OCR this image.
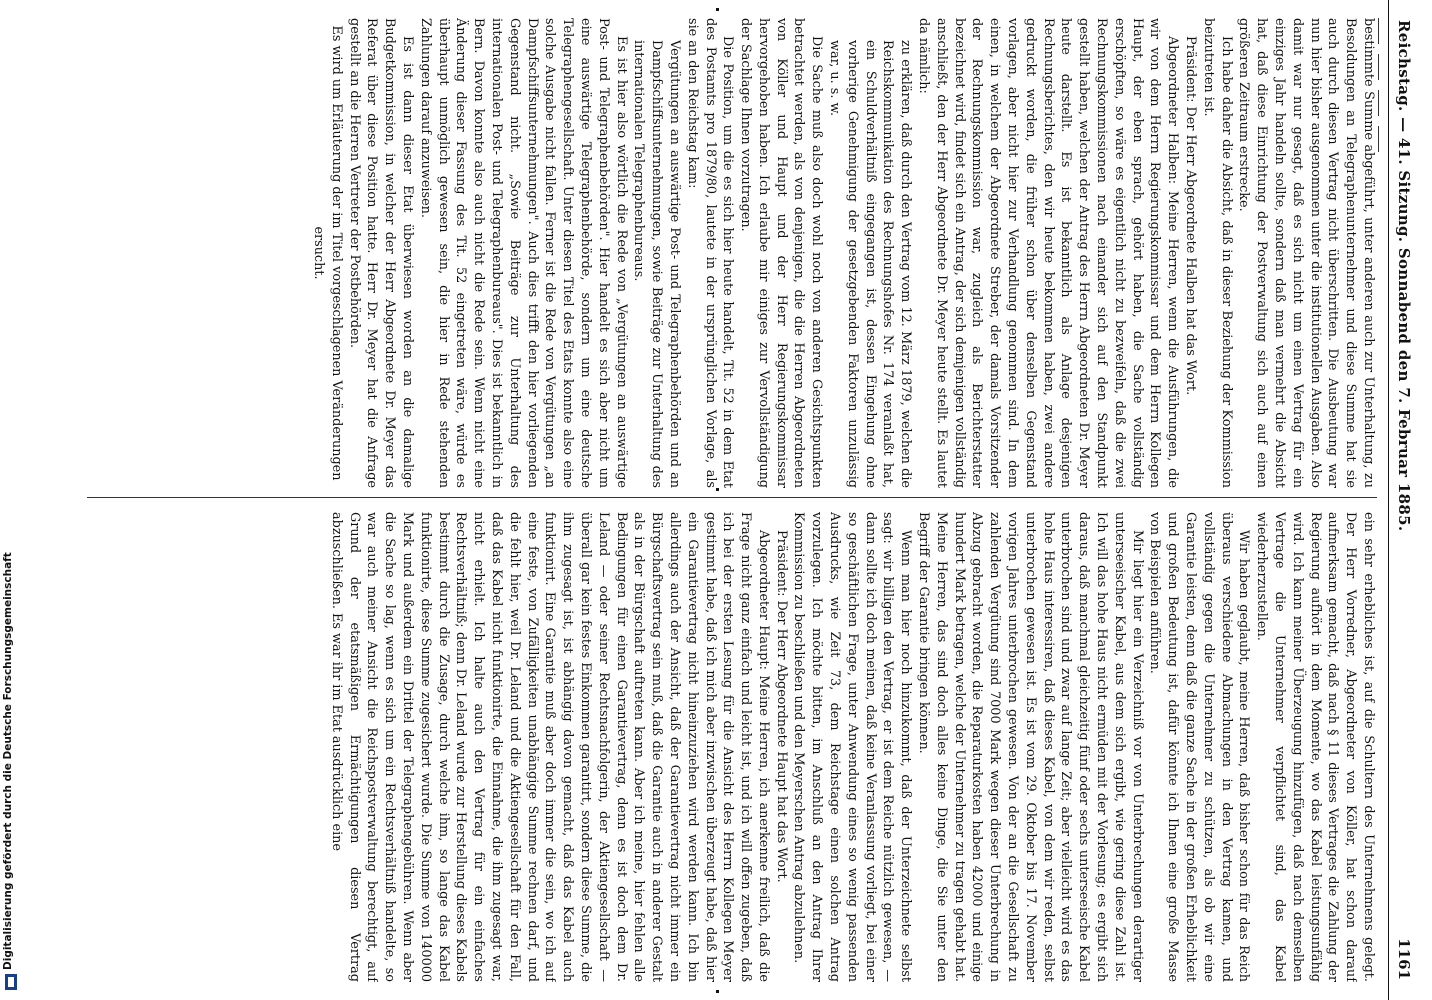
Reichstag. — 41. Sitzung. Sonnabend den 7. Februar 1885.
1161

bestimmte Summe abgeführt, unter anderen auch zur Unterhaltung, zu Besoldungen an Telegraphenunternehmer und diese Summe hat sie auch durch diesen Vertrag nicht überschritten. Die Ausbeutung war nun hier bisher ausgenommen unter die institutionellen Ausgaben. Also damit war nur gesagt, daß es sich nicht um einen Vertrag für ein einziges Jahr handeln sollte, sondern daß man vermehrt die Absicht hat, daß diese Einrichtung der Postverwaltung sich auch auf einen größeren Zeitraum erstrecke.

Ich habe daher die Absicht, daß in dieser Beziehung der Kommission beizutreten ist.

Präsident: Der Herr Abgeordnete Halben hat das Wort.

Abgeordneter Halben: Meine Herren, wenn die Ausführungen, die wir von dem Herrn Regierungskommissar und dem Herrn Kollegen Haupt, der eben sprach, gehört haben, die Sache vollständig erschöpften, so wäre es eigentlich nicht zu bezweifeln, daß die zwei Rechnungskommissionen nach einander sich auf den Standpunkt gestellt haben, welchen der Antrag des Herrn Abgeordneten Dr. Meyer heute darstellt. Es ist bekanntlich als Anlage desjenigen Rechnungsberichtes, den wir heute bekommen haben, zwei andere gedruckt worden, die früher schon über denselben Gegenstand vorlagen, aber nicht hier zur Verhandlung genommen sind. In dem einen, in welchem der Abgeordnete Streber, der damals Vorsitzender der Rechnungskommission war, zugleich als Berichterstatter bezeichnet wird, findet sich ein Antrag, der sich demjenigen vollständig anschließt, den der Herr Abgeordnete Dr. Meyer heute stellt. Es lautet da nämlich:

zu erklären, daß durch den Vertrag vom 12. März 1879, welchen die Reichskommunikation des Rechnungshofes Nr. 174 veranlaßt hat, ein Schuldverhältniß eingegangen ist, dessen Eingehung ohne vorherige Genehmigung der gesetzgebenden Faktoren unzulässig war, u. s. w.

Die Sache muß also doch wohl noch von anderen Gesichtspunkten betrachtet werden, als von denjenigen, die die Herren Abgeordneten von Köller und Haupt und der Herr Regierungskommissar hervorgehoben haben. Ich erlaube mir einiges zur Vervollständigung der Sachlage Ihnen vorzutragen.

Die Position, um die es sich hier heute handelt, Tit. 52 in dem Etat des Postamts pro 1879/80, lautete in der ursprünglichen Vorlage, als sie an den Reichstag kam:

Vergütungen an auswärtige Post- und Telegraphenbehörden und an Dampfschiffsunternehmungen, sowie Beiträge zur Unterhaltung des internationalen Telegraphenbureaus.

Es ist hier also wörtlich die Rede von „Vergütungen an auswärtige Post- und Telegraphenbehörden". Hier handelt es sich aber nicht um eine auswärtige Telegraphenbehörde, sondern um eine deutsche Telegraphengesellschaft. Unter diesen Titel des Etats konnte also eine solche Ausgabe nicht fallen. Ferner ist die Rede von Vergütungen „an Dampfschiffsunternehmungen". Auch dies trifft den hier vorliegenden Gegenstand nicht. „Sowie Beiträge zur Unterhaltung des internationalen Post- und Telegraphenbureaus". Dies ist bekanntlich in Bern. Davon konnte also auch nicht die Rede sein. Wenn nicht eine Änderung dieser Fassung des Tit. 52 eingetreten wäre, würde es überhaupt unmöglich gewesen sein, die hier in Rede stehenden Zahlungen darauf anzuweisen.

Es ist dann dieser Etat überwiesen worden an die damalige Budgetkommission, in welcher der Herr Abgeordnete Dr. Meyer das Referat über diese Position hatte. Herr Dr. Meyer hat die Anfrage gestellt an die Herren Vertreter der Postbehörden.

Es wird um Erläuterung der im Titel vorgeschlagenen Veränderungen ersucht.

ein sehr erhebliches ist, auf die Schultern des Unternehmens gelegt. Der Herr Vorredner, Abgeordneter von Köller, hat schon darauf aufmerksam gemacht, daß nach § 11 dieses Vertrages die Zahlung der Regierung aufhört in dem Momente, wo das Kabel leistungsunfähig wird. Ich kann meiner Überzeugung hinzufügen, daß nach demselben Vertrage die Unternehmer verpflichtet sind, das Kabel wiederherzustellen.

Wir haben geglaubt, meine Herren, daß bisher schon für das Reich überaus verschiedene Abmachungen in den Vertrag kamen, und vollständig gegen die Unternehmer zu schützen, als ob wir eine Garantie leisten, denn daß die ganze Sache in der großen Erheblichkeit und großen Bedeutung ist, dafür könnte ich Ihnen eine große Masse von Beispielen anführen.

Mir liegt hier ein Verzeichniß vor von Unterbrechungen derartiger unterseeischer Kabel, aus dem sich ergibt, wie gering diese Zahl ist. Ich will das hohe Haus nicht ermüden mit der Vorlesung; es ergibt sich daraus, daß manchmal gleichzeitig fünf oder sechs unterseeische Kabel unterbrochen sind und zwar auf lange Zeit; aber vielleicht wird es das hohe Haus interessiren, daß dieses Kabel, von dem wir reden, selbst unterbrochen gewesen ist. Es ist vom 29. Oktober bis 17. November vorigen Jahres unterbrochen gewesen. Von der an die Gesellschaft zu zahlenden Vergütung sind 7000 Mark wegen dieser Unterbrechung in Abzug gebracht worden, die Reparaturkosten haben 42000 und einige hundert Mark betragen, welche der Unternehmer zu tragen gehabt hat. Meine Herren, das sind doch alles keine Dinge, die Sie unter den Begriff der Garantie bringen können.

Wenn man hier noch hinzukommt, daß der Unterzeichnete selbst sagt: wir billigen den Vertrag, er ist dem Reiche nützlich gewesen, — dann sollte ich doch meinen, daß keine Veranlassung vorliegt, bei einer so geschäftlichen Frage, unter Anwendung eines so wenig passenden Ausdrucks, wie Zeit 73, dem Reichstage einen solchen Antrag vorzulegen. Ich möchte bitten, im Anschluß an den Antrag Ihrer Kommission zu beschließen und den Meyerschen Antrag abzulehnen.

Präsident: Der Herr Abgeordnete Haupt hat das Wort.

Abgeordneter Haupt: Meine Herren, ich anerkenne freilich, daß die Frage nicht ganz einfach und leicht ist, und ich will offen zugeben, daß ich bei der ersten Lesung für die Ansicht des Herrn Kollegen Meyer gestimmt habe, daß ich mich aber inzwischen überzeugt habe, daß hier ein Garantievertrag nicht hineinzuziehen wird werden kann. Ich bin allerdings auch der Ansicht, daß der Garantievertrag nicht immer ein Bürgschaftsvertrag sein muß, daß die Garantie auch in anderer Gestalt als in der Bürgschaft auftreten kann. Aber ich meine, hier fehlen alle Bedingungen für einen Garantievertrag, denn es ist doch dem Dr. Leland — oder seiner Rechtsnachfolgerin, der Aktiengesellschaft — überall gar kein festes Einkommen garantirt, sondern diese Summe, die ihm zugesagt ist, ist abhängig davon gemacht, daß das Kabel auch funktionirt. Eine Garantie muß aber doch immer die sein, wo ich auf eine feste, von Zufälligkeiten unabhängige Summe rechnen darf, und die fehlt hier, weil Dr. Leland und die Aktiengesellschaft für den Fall, daß das Kabel nicht funktionirte, die Einnahme, die ihm zugesagt war, nicht erhielt. Ich halte auch den Vertrag für ein einfaches Rechtsverhältniß; denn Dr. Leland wurde zur Herstellung dieses Kabels bestimmt durch die Zusage, durch welche ihm, so lange das Kabel funktionirte, diese Summe zugesichert wurde. Die Summe von 140000 Mark und außerdem ein Drittel der Telegraphengebühren. Wenn aber die Sache so lag, wenn es sich um ein Rechtsverhältniß handelte, so war auch meiner Ansicht die Reichspostverwaltung berechtigt, auf Grund der etatsmäßigen Ermächtigungen diesen Vertrag abzuschließen. Es war ihr im Etat ausdrücklich eine

Digitalisierung gefördert durch die Deutsche Forschungsgemeinschaft
